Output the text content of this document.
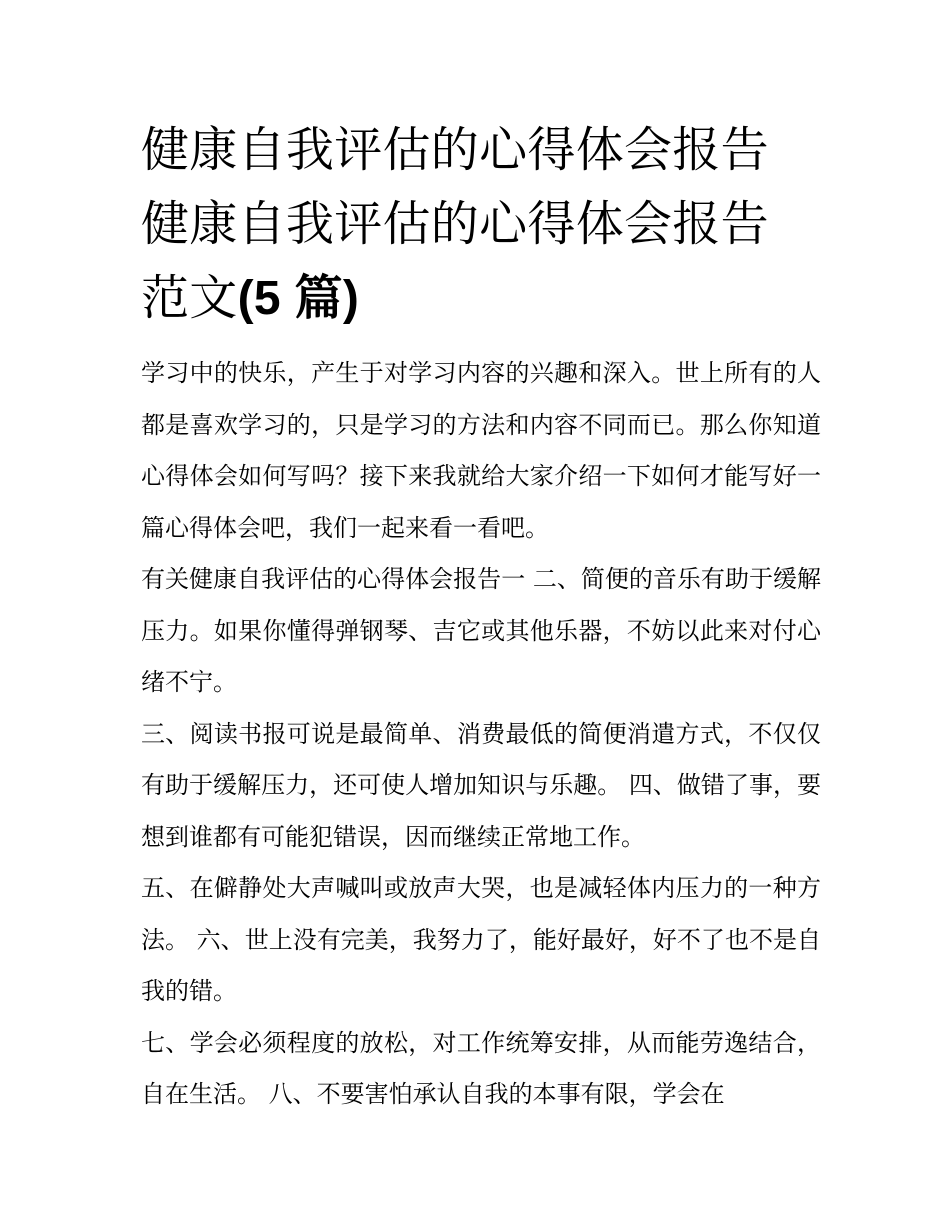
健康自我评估的心得体会报告
健康自我评估的心得体会报告
范文(5 篇)

学习中的快乐，产生于对学习内容的兴趣和深入。世上所有的人都是喜欢学习的，只是学习的方法和内容不同而已。那么你知道心得体会如何写吗？接下来我就给大家介绍一下如何才能写好一篇心得体会吧，我们一起来看一看吧。

有关健康自我评估的心得体会报告一 二、简便的音乐有助于缓解压力。如果你懂得弹钢琴、吉它或其他乐器，不妨以此来对付心绪不宁。

三、阅读书报可说是最简单、消费最低的简便消遣方式，不仅仅有助于缓解压力，还可使人增加知识与乐趣。 四、做错了事，要想到谁都有可能犯错误，因而继续正常地工作。

五、在僻静处大声喊叫或放声大哭，也是减轻体内压力的一种方法。 六、世上没有完美，我努力了，能好最好，好不了也不是自我的错。

七、学会必须程度的放松，对工作统筹安排，从而能劳逸结合，自在生活。 八、不要害怕承认自我的本事有限，学会在
